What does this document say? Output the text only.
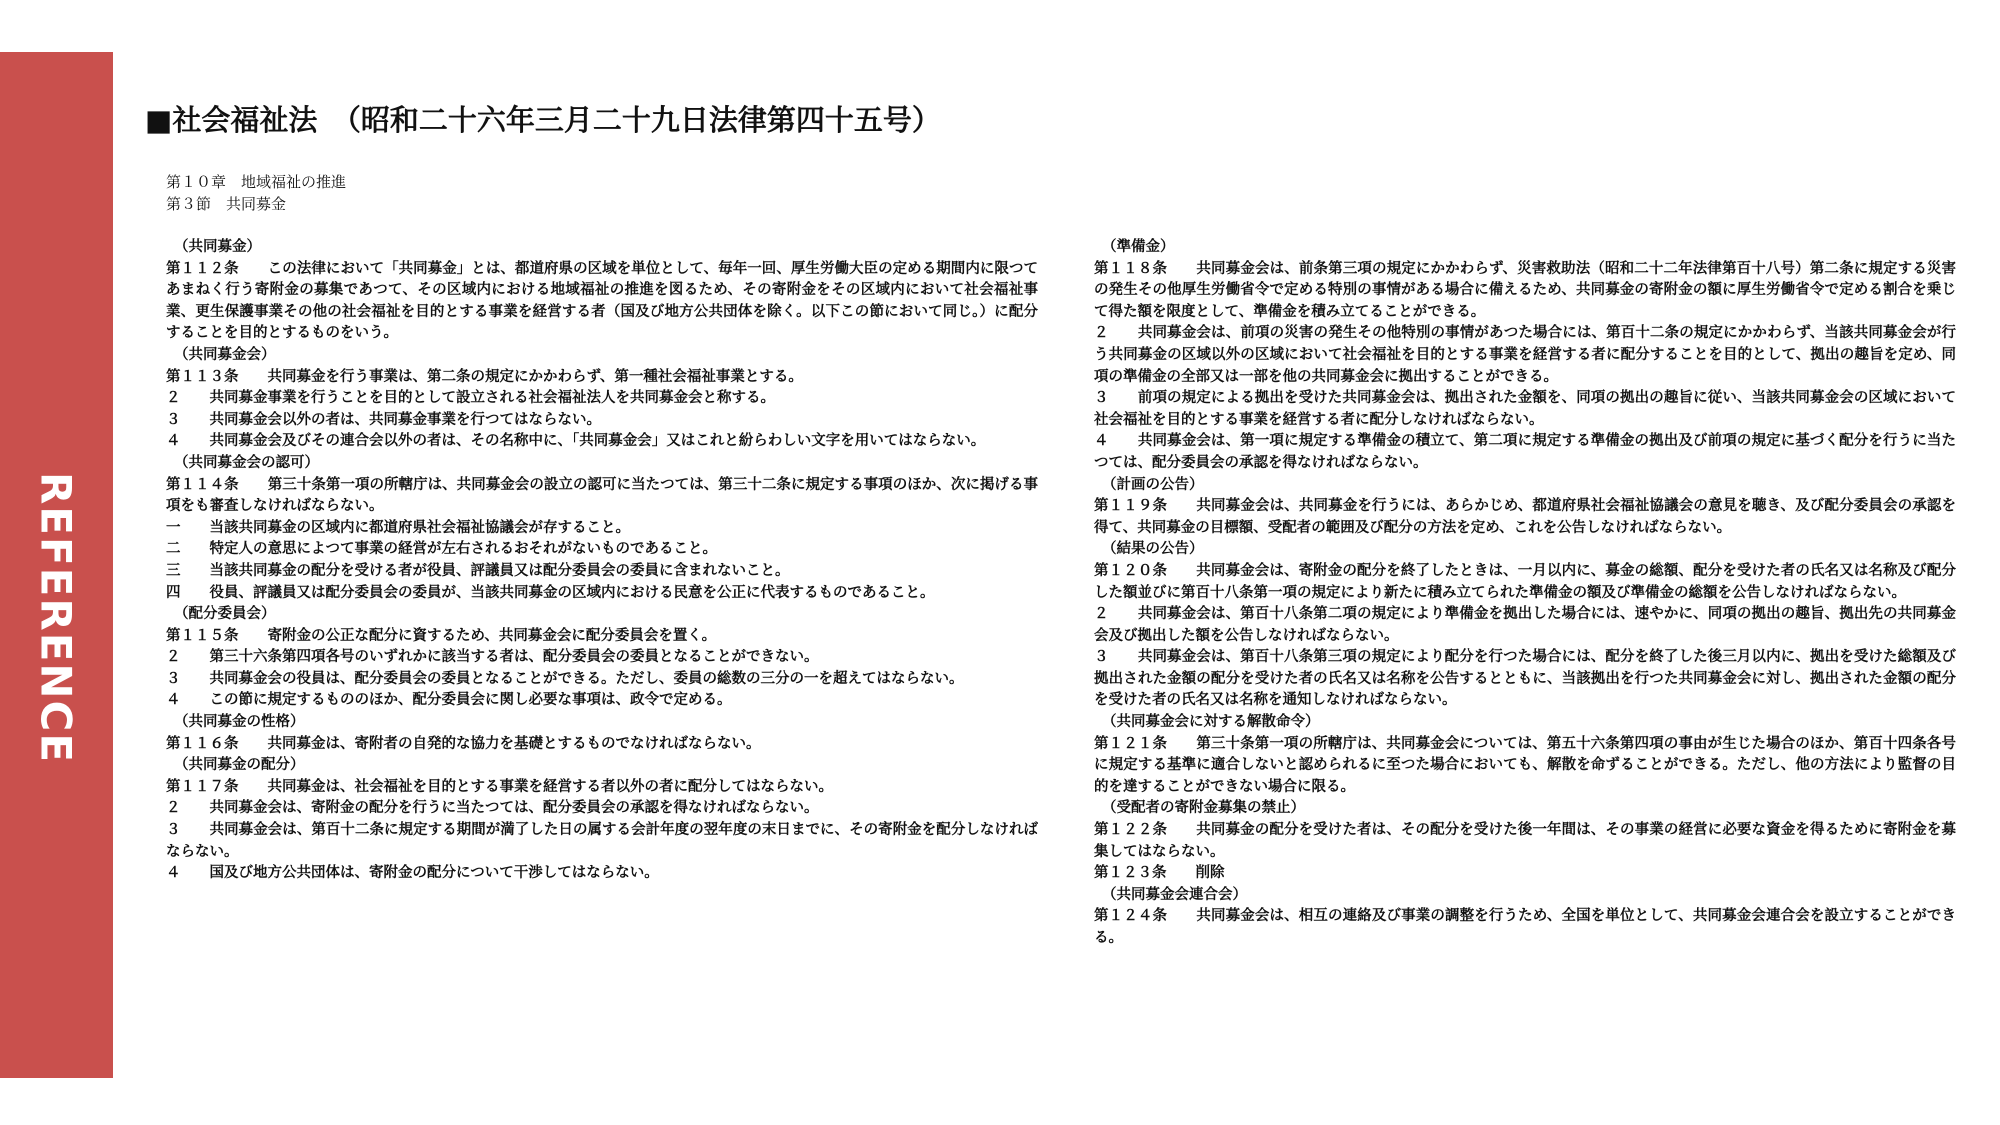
REFERENCE
■社会福祉法　（昭和二十六年三月二十九日法律第四十五号）
第１０章　地域福祉の推進
第３節　共同募金
（共同募金）
第１１２条　　この法律において「共同募金」とは、都道府県の区域を単位として、毎年一回、厚生労働大臣の定める期間内に限つてあまねく行う寄附金の募集であつて、その区域内における地域福祉の推進を図るため、その寄附金をその区域内において社会福祉事業、更生保護事業その他の社会福祉を目的とする事業を経営する者（国及び地方公共団体を除く。以下この節において同じ。）に配分することを目的とするものをいう。
（共同募金会）
第１１３条　　共同募金を行う事業は、第二条の規定にかかわらず、第一種社会福祉事業とする。
２　　共同募金事業を行うことを目的として設立される社会福祉法人を共同募金会と称する。
３　　共同募金会以外の者は、共同募金事業を行つてはならない。
４　　共同募金会及びその連合会以外の者は、その名称中に、「共同募金会」又はこれと紛らわしい文字を用いてはならない。
（共同募金会の認可）
第１１４条　　第三十条第一項の所轄庁は、共同募金会の設立の認可に当たつては、第三十二条に規定する事項のほか、次に掲げる事項をも審査しなければならない。
一　　当該共同募金の区域内に都道府県社会福祉協議会が存すること。
二　　特定人の意思によつて事業の経営が左右されるおそれがないものであること。
三　　当該共同募金の配分を受ける者が役員、評議員又は配分委員会の委員に含まれないこと。
四　　役員、評議員又は配分委員会の委員が、当該共同募金の区域内における民意を公正に代表するものであること。
（配分委員会）
第１１５条　　寄附金の公正な配分に資するため、共同募金会に配分委員会を置く。
２　　第三十六条第四項各号のいずれかに該当する者は、配分委員会の委員となることができない。
３　　共同募金会の役員は、配分委員会の委員となることができる。ただし、委員の総数の三分の一を超えてはならない。
４　　この節に規定するもののほか、配分委員会に関し必要な事項は、政令で定める。
（共同募金の性格）
第１１６条　　共同募金は、寄附者の自発的な協力を基礎とするものでなければならない。
（共同募金の配分）
第１１７条　　共同募金は、社会福祉を目的とする事業を経営する者以外の者に配分してはならない。
２　　共同募金会は、寄附金の配分を行うに当たつては、配分委員会の承認を得なければならない。
３　　共同募金会は、第百十二条に規定する期間が満了した日の属する会計年度の翌年度の末日までに、その寄附金を配分しなければならない。
４　　国及び地方公共団体は、寄附金の配分について干渉してはならない。
（準備金）
第１１８条　　共同募金会は、前条第三項の規定にかかわらず、災害救助法（昭和二十二年法律第百十八号）第二条に規定する災害の発生その他厚生労働省令で定める特別の事情がある場合に備えるため、共同募金の寄附金の額に厚生労働省令で定める割合を乗じて得た額を限度として、準備金を積み立てることができる。
２　　共同募金会は、前項の災害の発生その他特別の事情があつた場合には、第百十二条の規定にかかわらず、当該共同募金会が行う共同募金の区域以外の区域において社会福祉を目的とする事業を経営する者に配分することを目的として、拠出の趣旨を定め、同項の準備金の全部又は一部を他の共同募金会に拠出することができる。
３　　前項の規定による拠出を受けた共同募金会は、拠出された金額を、同項の拠出の趣旨に従い、当該共同募金会の区域において社会福祉を目的とする事業を経営する者に配分しなければならない。
４　　共同募金会は、第一項に規定する準備金の積立て、第二項に規定する準備金の拠出及び前項の規定に基づく配分を行うに当たつては、配分委員会の承認を得なければならない。
（計画の公告）
第１１９条　　共同募金会は、共同募金を行うには、あらかじめ、都道府県社会福祉協議会の意見を聴き、及び配分委員会の承認を得て、共同募金の目標額、受配者の範囲及び配分の方法を定め、これを公告しなければならない。
（結果の公告）
第１２０条　　共同募金会は、寄附金の配分を終了したときは、一月以内に、募金の総額、配分を受けた者の氏名又は名称及び配分した額並びに第百十八条第一項の規定により新たに積み立てられた準備金の額及び準備金の総額を公告しなければならない。
２　　共同募金会は、第百十八条第二項の規定により準備金を拠出した場合には、速やかに、同項の拠出の趣旨、拠出先の共同募金会及び拠出した額を公告しなければならない。
３　　共同募金会は、第百十八条第三項の規定により配分を行つた場合には、配分を終了した後三月以内に、拠出を受けた総額及び拠出された金額の配分を受けた者の氏名又は名称を公告するとともに、当該拠出を行つた共同募金会に対し、拠出された金額の配分を受けた者の氏名又は名称を通知しなければならない。
（共同募金会に対する解散命令）
第１２１条　　第三十条第一項の所轄庁は、共同募金会については、第五十六条第四項の事由が生じた場合のほか、第百十四条各号に規定する基準に適合しないと認められるに至つた場合においても、解散を命ずることができる。ただし、他の方法により監督の目的を達することができない場合に限る。
（受配者の寄附金募集の禁止）
第１２２条　　共同募金の配分を受けた者は、その配分を受けた後一年間は、その事業の経営に必要な資金を得るために寄附金を募集してはならない。
第１２３条　　削除
（共同募金会連合会）
第１２４条　　共同募金会は、相互の連絡及び事業の調整を行うため、全国を単位として、共同募金会連合会を設立することができる。
